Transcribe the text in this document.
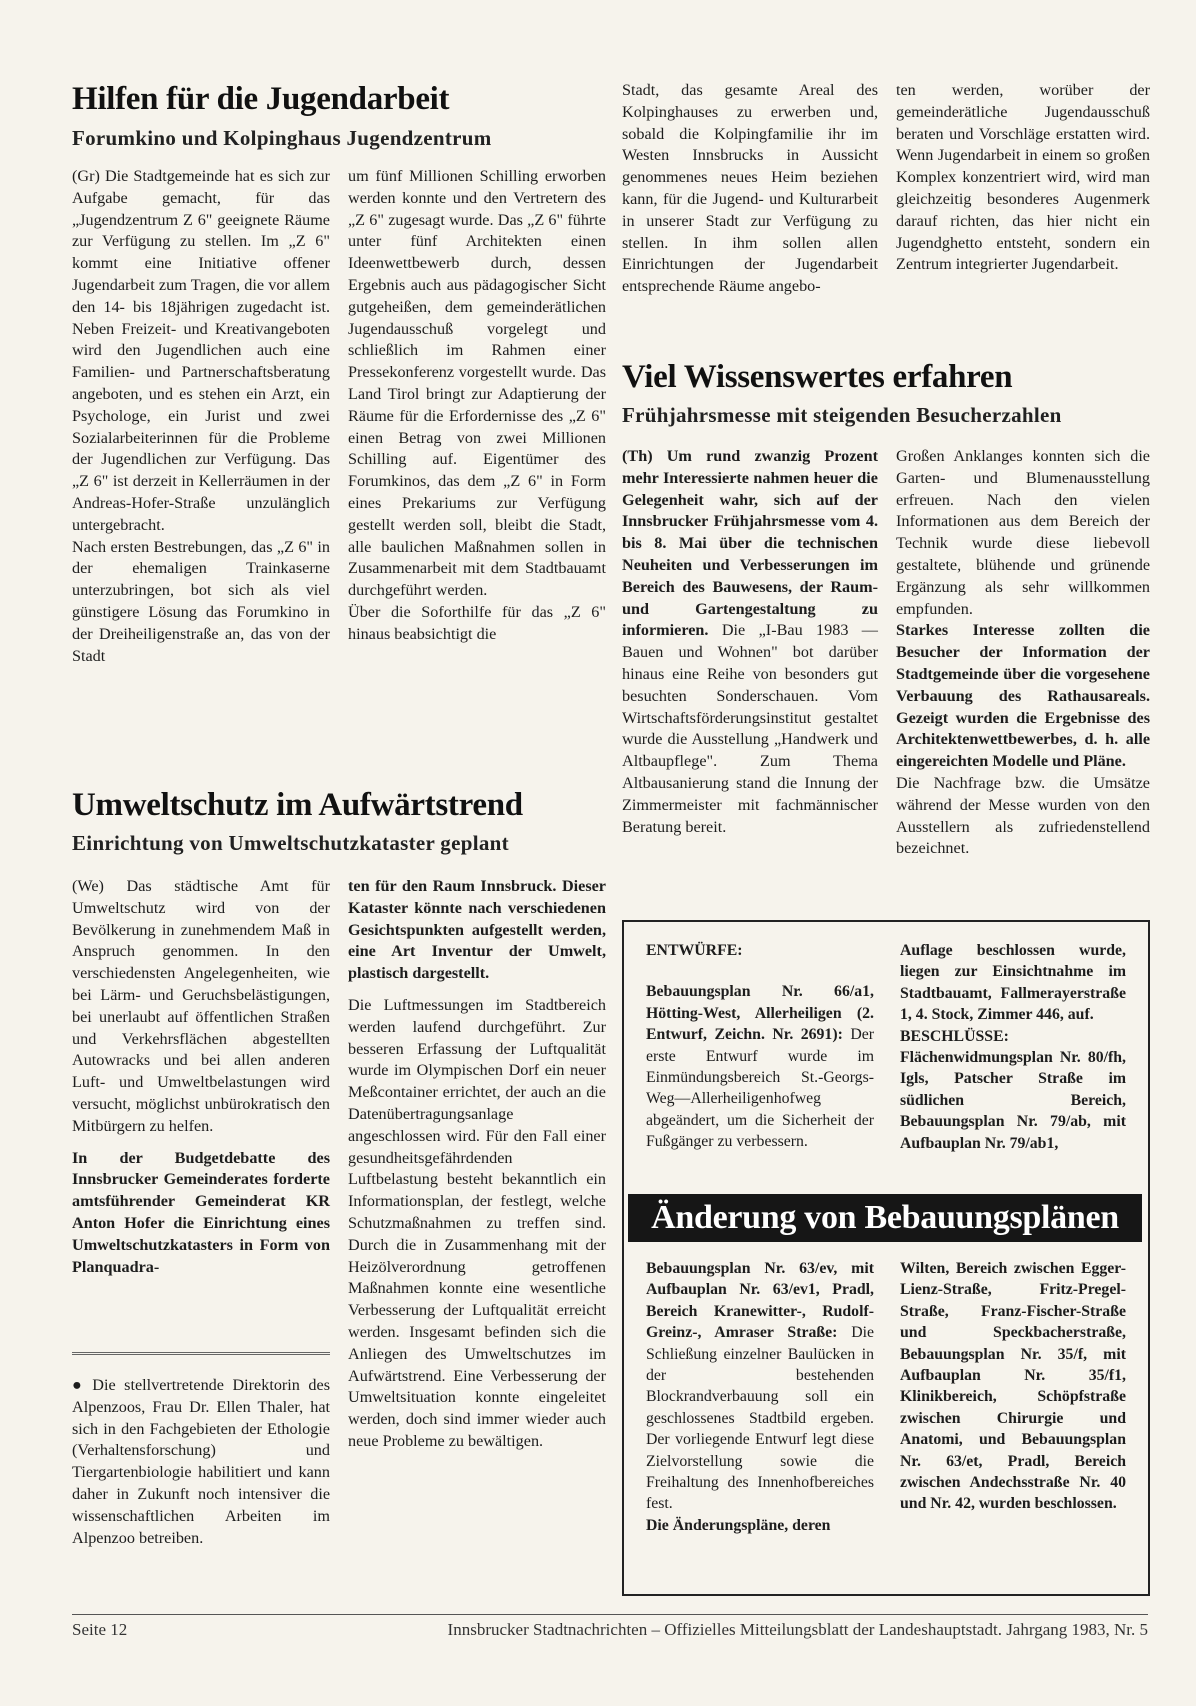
Hilfen für die Jugendarbeit
Forumkino und Kolpinghaus Jugendzentrum

(Gr) Die Stadtgemeinde hat es sich zur Aufgabe gemacht, für das „Jugendzentrum Z 6" geeignete Räume zur Verfügung zu stellen. Im „Z 6" kommt eine Initiative offener Jugendarbeit zum Tragen, die vor allem den 14- bis 18jährigen zugedacht ist. Neben Freizeit- und Kreativangeboten wird den Jugendlichen auch eine Familien- und Partnerschaftsberatung angeboten, und es stehen ein Arzt, ein Psychologe, ein Jurist und zwei Sozialarbeiterinnen für die Probleme der Jugendlichen zur Verfügung. Das „Z 6" ist derzeit in Kellerräumen in der Andreas-Hofer-Straße unzulänglich untergebracht.

Nach ersten Bestrebungen, das „Z 6" in der ehemaligen Trainkaserne unterzubringen, bot sich als viel günstigere Lösung das Forumkino in der Dreiheiligenstraße an, das von der Stadt

um fünf Millionen Schilling erworben werden konnte und den Vertretern des „Z 6" zugesagt wurde. Das „Z 6" führte unter fünf Architekten einen Ideenwettbewerb durch, dessen Ergebnis auch aus pädagogischer Sicht gutgeheißen, dem gemeinderätlichen Jugendausschuß vorgelegt und schließlich im Rahmen einer Pressekonferenz vorgestellt wurde. Das Land Tirol bringt zur Adaptierung der Räume für die Erfordernisse des „Z 6" einen Betrag von zwei Millionen Schilling auf. Eigentümer des Forumkinos, das dem „Z 6" in Form eines Prekariums zur Verfügung gestellt werden soll, bleibt die Stadt, alle baulichen Maßnahmen sollen in Zusammenarbeit mit dem Stadtbauamt durchgeführt werden.

Über die Soforthilfe für das „Z 6" hinaus beabsichtigt die

Stadt, das gesamte Areal des Kolpinghauses zu erwerben und, sobald die Kolpingfamilie ihr im Westen Innsbrucks in Aussicht genommenes neues Heim beziehen kann, für die Jugend- und Kulturarbeit in unserer Stadt zur Verfügung zu stellen. In ihm sollen allen Einrichtungen der Jugendarbeit entsprechende Räume angebo-

ten werden, worüber der gemeinderätliche Jugendausschuß beraten und Vorschläge erstatten wird. Wenn Jugendarbeit in einem so großen Komplex konzentriert wird, wird man gleichzeitig besonderes Augenmerk darauf richten, das hier nicht ein Jugendghetto entsteht, sondern ein Zentrum integrierter Jugendarbeit.

Viel Wissenswertes erfahren
Frühjahrsmesse mit steigenden Besucherzahlen

(Th) Um rund zwanzig Prozent mehr Interessierte nahmen heuer die Gelegenheit wahr, sich auf der Innsbrucker Frühjahrsmesse vom 4. bis 8. Mai über die technischen Neuheiten und Verbesserungen im Bereich des Bauwesens, der Raum- und Gartengestaltung zu informieren. Die „I-Bau 1983 — Bauen und Wohnen" bot darüber hinaus eine Reihe von besonders gut besuchten Sonderschauen. Vom Wirtschaftsförderungsinstitut gestaltet wurde die Ausstellung „Handwerk und Altbaupflege". Zum Thema Altbausanierung stand die Innung der Zimmermeister mit fachmännischer Beratung bereit.

Großen Anklanges konnten sich die Garten- und Blumenausstellung erfreuen. Nach den vielen Informationen aus dem Bereich der Technik wurde diese liebevoll gestaltete, blühende und grünende Ergänzung als sehr willkommen empfunden.

Starkes Interesse zollten die Besucher der Information der Stadtgemeinde über die vorgesehene Verbauung des Rathausareals. Gezeigt wurden die Ergebnisse des Architektenwettbewerbes, d. h. alle eingereichten Modelle und Pläne.

Die Nachfrage bzw. die Umsätze während der Messe wurden von den Ausstellern als zufriedenstellend bezeichnet.

Umweltschutz im Aufwärtstrend
Einrichtung von Umweltschutzkataster geplant

(We) Das städtische Amt für Umweltschutz wird von der Bevölkerung in zunehmendem Maß in Anspruch genommen. In den verschiedensten Angelegenheiten, wie bei Lärm- und Geruchsbelästigungen, bei unerlaubt auf öffentlichen Straßen und Verkehrsflächen abgestellten Autowracks und bei allen anderen Luft- und Umweltbelastungen wird versucht, möglichst unbürokratisch den Mitbürgern zu helfen.

In der Budgetdebatte des Innsbrucker Gemeinderates forderte amtsführender Gemeinderat KR Anton Hofer die Einrichtung eines Umweltschutzkatasters in Form von Planquadra-

ten für den Raum Innsbruck. Dieser Kataster könnte nach verschiedenen Gesichtspunkten aufgestellt werden, eine Art Inventur der Umwelt, plastisch dargestellt.

Die Luftmessungen im Stadtbereich werden laufend durchgeführt. Zur besseren Erfassung der Luftqualität wurde im Olympischen Dorf ein neuer Meßcontainer errichtet, der auch an die Datenübertragungsanlage angeschlossen wird. Für den Fall einer gesundheitsgefährdenden Luftbelastung besteht bekanntlich ein Informationsplan, der festlegt, welche Schutzmaßnahmen zu treffen sind. Durch die in Zusammenhang mit der Heizölverordnung getroffenen Maßnahmen konnte eine wesentliche Verbesserung der Luftqualität erreicht werden. Insgesamt befinden sich die Anliegen des Umweltschutzes im Aufwärtstrend. Eine Verbesserung der Umweltsituation konnte eingeleitet werden, doch sind immer wieder auch neue Probleme zu bewältigen.

● Die stellvertretende Direktorin des Alpenzoos, Frau Dr. Ellen Thaler, hat sich in den Fachgebieten der Ethologie (Verhaltensforschung) und Tiergartenbiologie habilitiert und kann daher in Zukunft noch intensiver die wissenschaftlichen Arbeiten im Alpenzoo betreiben.

ENTWÜRFE:

Bebauungsplan Nr. 66/a1, Hötting-West, Allerheiligen (2. Entwurf, Zeichn. Nr. 2691): Der erste Entwurf wurde im Einmündungsbereich St.-Georgs-Weg—Allerheiligenhofweg abgeändert, um die Sicherheit der Fußgänger zu verbessern.

Auflage beschlossen wurde, liegen zur Einsichtnahme im Stadtbauamt, Fallmerayerstraße 1, 4. Stock, Zimmer 446, auf.

BESCHLÜSSE:

Flächenwidmungsplan Nr. 80/fh, Igls, Patscher Straße im südlichen Bereich, Bebauungsplan Nr. 79/ab, mit Aufbauplan Nr. 79/ab1,

Änderung von Bebauungsplänen

Bebauungsplan Nr. 63/ev, mit Aufbauplan Nr. 63/ev1, Pradl, Bereich Kranewitter-, Rudolf-Greinz-, Amraser Straße: Die Schließung einzelner Baulücken in der bestehenden Blockrandverbauung soll ein geschlossenes Stadtbild ergeben. Der vorliegende Entwurf legt diese Zielvorstellung sowie die Freihaltung des Innenhofbereiches fest.

Die Änderungspläne, deren

Wilten, Bereich zwischen Egger-Lienz-Straße, Fritz-Pregel-Straße, Franz-Fischer-Straße und Speckbacherstraße, Bebauungsplan Nr. 35/f, mit Aufbauplan Nr. 35/f1, Klinikbereich, Schöpfstraße zwischen Chirurgie und Anatomi, und Bebauungsplan Nr. 63/et, Pradl, Bereich zwischen Andechsstraße Nr. 40 und Nr. 42, wurden beschlossen.

Seite 12	Innsbrucker Stadtnachrichten – Offizielles Mitteilungsblatt der Landeshauptstadt. Jahrgang 1983, Nr. 5
